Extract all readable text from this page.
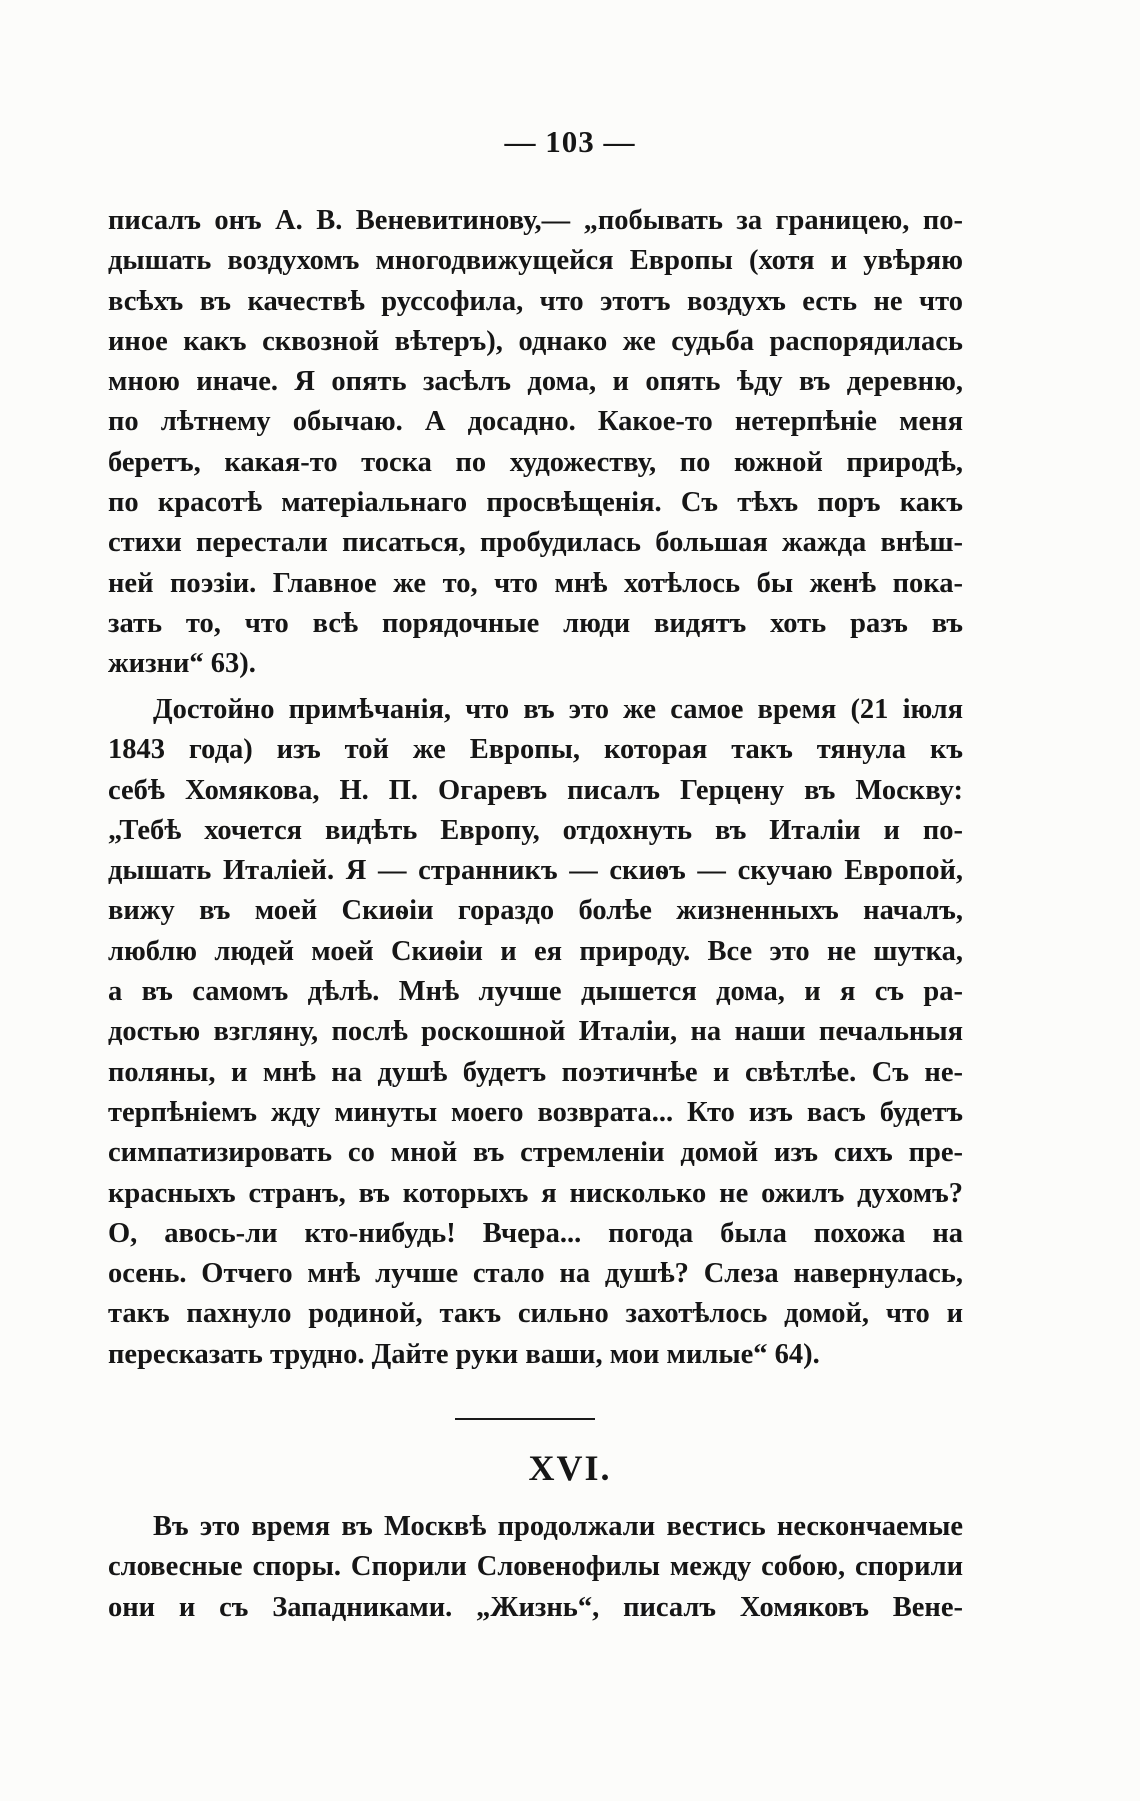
— 103 —
писалъ онъ А. В. Веневитинову,— „побывать за границею, по-
дышать воздухомъ многодвижущейся Европы (хотя и увѣряю
всѣхъ въ качествѣ руссофила, что этотъ воздухъ есть не что
иное какъ сквозной вѣтеръ), однако же судьба распорядилась
мною иначе. Я опять засѣлъ дома, и опять ѣду въ деревню,
по лѣтнему обычаю. А досадно. Какое-то нетерпѣніе меня
беретъ, какая-то тоска по художеству, по южной природѣ,
по красотѣ матеріальнаго просвѣщенія. Съ тѣхъ поръ какъ
стихи перестали писаться, пробудилась большая жажда внѣш-
ней поэзіи. Главное же то, что мнѣ хотѣлось бы женѣ пока-
зать то, что всѣ порядочные люди видятъ хоть разъ въ
жизни“ 63).
Достойно примѣчанія, что въ это же самое время (21 іюля
1843 года) изъ той же Европы, которая такъ тянула къ
себѣ Хомякова, Н. П. Огаревъ писалъ Герцену въ Москву:
„Тебѣ хочется видѣть Европу, отдохнуть въ Италіи и по-
дышать Италіей. Я — странникъ — скиѳъ — скучаю Европой,
вижу въ моей Скиѳіи гораздо болѣе жизненныхъ началъ,
люблю людей моей Скиѳіи и ея природу. Все это не шутка,
а въ самомъ дѣлѣ. Мнѣ лучше дышется дома, и я съ ра-
достью взгляну, послѣ роскошной Италіи, на наши печальныя
поляны, и мнѣ на душѣ будетъ поэтичнѣе и свѣтлѣе. Съ не-
терпѣніемъ жду минуты моего возврата... Кто изъ васъ будетъ
симпатизировать со мной въ стремленіи домой изъ сихъ пре-
красныхъ странъ, въ которыхъ я нисколько не ожилъ духомъ?
О, авось-ли кто-нибудь! Вчера... погода была похожа на
осень. Отчего мнѣ лучше стало на душѣ? Слеза навернулась,
такъ пахнуло родиной, такъ сильно захотѣлось домой, что и
пересказать трудно. Дайте руки ваши, мои милые“ 64).
XVI.
Въ это время въ Москвѣ продолжали вестись нескончаемые
словесные споры. Спорили Словенофилы между собою, спорили
они и съ Западниками. „Жизнь“, писалъ Хомяковъ Вене-
